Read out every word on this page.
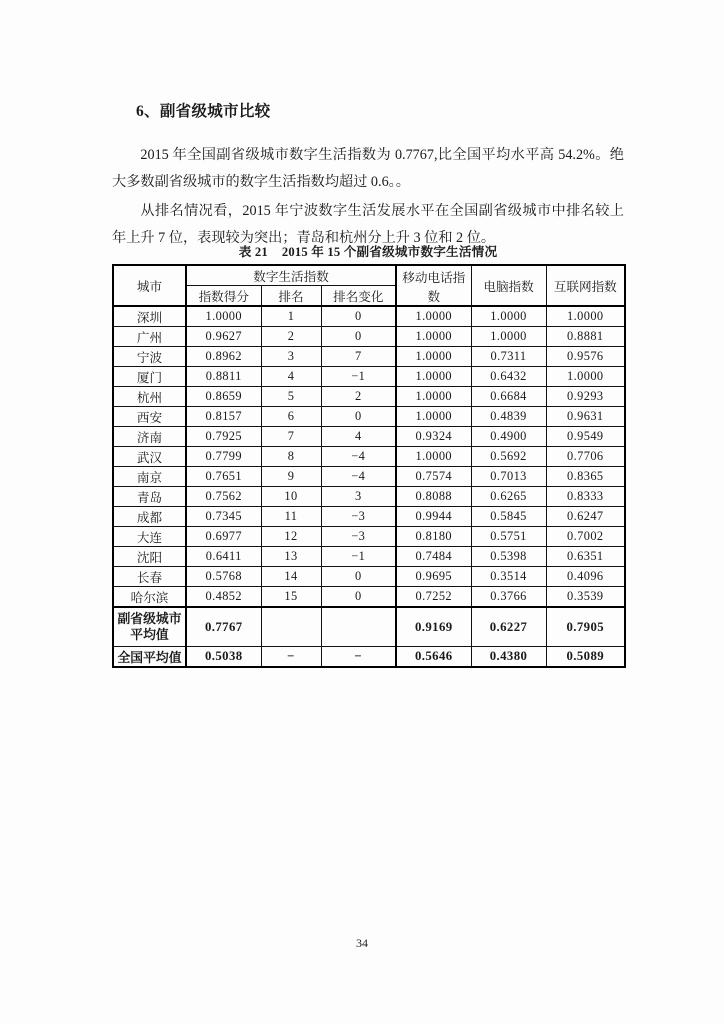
6、副省级城市比较

2015 年全国副省级城市数字生活指数为 0.7767,比全国平均水平高 54.2%。绝大多数副省级城市的数字生活指数均超过 0.6。。

从排名情况看，2015 年宁波数字生活发展水平在全国副省级城市中排名较上年上升 7 位，表现较为突出；青岛和杭州分上升 3 位和 2 位。

表 21 2015 年 15 个副省级城市数字生活情况
城市	数字生活指数			移动电话指数	电脑指数	互联网指数
	指数得分	排名	排名变化			
深圳	1.0000	1	0	1.0000	1.0000	1.0000
广州	0.9627	2	0	1.0000	1.0000	0.8881
宁波	0.8962	3	7	1.0000	0.7311	0.9576
厦门	0.8811	4	−1	1.0000	0.6432	1.0000
杭州	0.8659	5	2	1.0000	0.6684	0.9293
西安	0.8157	6	0	1.0000	0.4839	0.9631
济南	0.7925	7	4	0.9324	0.4900	0.9549
武汉	0.7799	8	−4	1.0000	0.5692	0.7706
南京	0.7651	9	−4	0.7574	0.7013	0.8365
青岛	0.7562	10	3	0.8088	0.6265	0.8333
成都	0.7345	11	−3	0.9944	0.5845	0.6247
大连	0.6977	12	−3	0.8180	0.5751	0.7002
沈阳	0.6411	13	−1	0.7484	0.5398	0.6351
长春	0.5768	14	0	0.9695	0.3514	0.4096
哈尔滨	0.4852	15	0	0.7252	0.3766	0.3539

副省级城市
平均值	0.7767			0.9169	0.6227	0.7905
全国平均值	0.5038	−	−	0.5646	0.4380	0.5089
34
